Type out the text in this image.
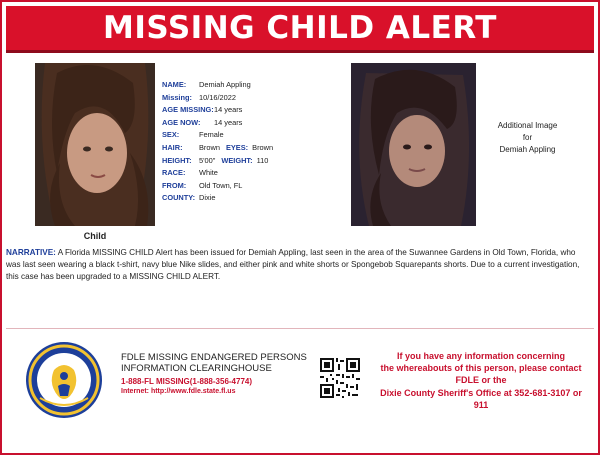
MISSING CHILD ALERT
Child
NAME: Demiah Appling
Missing: 10/16/2022
AGE MISSING:14 years
AGE NOW: 14 years
SEX:	Female
HAIR: Brown EYES: Brown
HEIGHT: 5'00" WEIGHT: 110
RACE: White
FROM: Old Town, FL
COUNTY: Dixie
Additional Image
for
Demiah Appling
NARRATIVE: A Florida MISSING CHILD Alert has been issued for Demiah Appling, last seen in the area of the Suwannee Gardens in Old Town, Florida, who was last seen wearing a black t-shirt, navy blue Nike slides, and either pink and white shorts or Spongebob Squarepants shorts. Due to a current investigation, this case has been upgraded to a MISSING CHILD ALERT.
FDLE MISSING ENDANGERED PERSONS
INFORMATION CLEARINGHOUSE
1-888-FL MISSING(1-888-356-4774)
Internet: http://www.fdle.state.fl.us
If you have any information concerning
the whereabouts of this person, please contact
FDLE or the
Dixie County Sheriff's Office at 352-681-3107 or
911
